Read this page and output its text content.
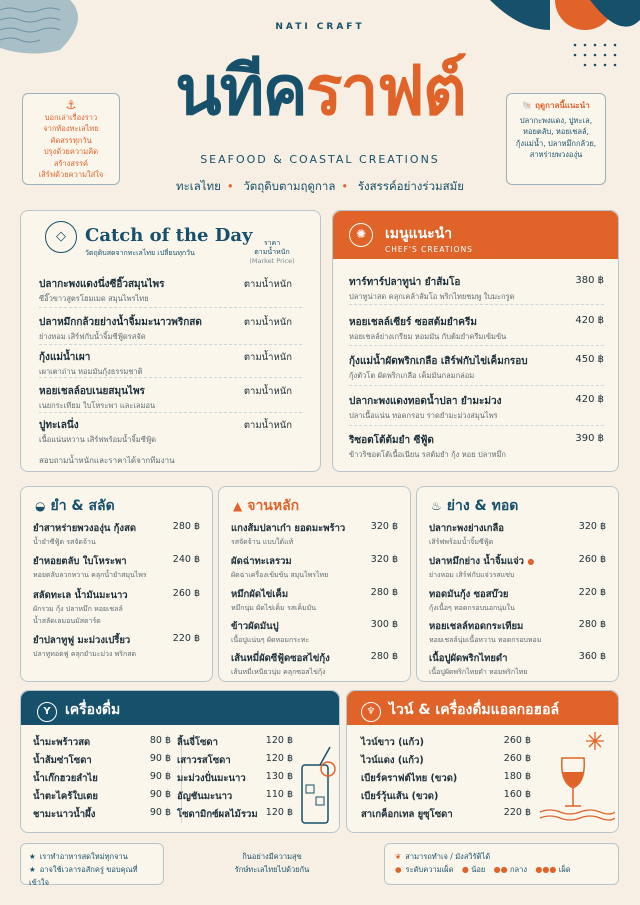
NATI CRAFT
นทีคราฟต์
SEAFOOD & COASTAL CREATIONS
ทะเลไทย • วัตถุดิบตามฤดูกาล • รังสรรค์อย่างร่วมสมัย
⚓
บอกเล่าเรื่องราว
จากท้องทะเลไทย
คัดสรรทุกวัน
ปรุงด้วยความคิดสร้างสรรค์
เสิร์ฟด้วยความใส่ใจ
🐚 ฤดูกาลนี้แนะนำ
ปลากะพงแดง, ปูทะเล,
หอยตลับ, หอยเชลล์,
กุ้งแม่น้ำ, ปลาหมึกกล้วย,
สาหร่ายพวงองุ่น
◇	Catch of the Day
วัตถุดิบสดจากทะเลไทย เปลี่ยนทุกวัน
ราคา
ตามน้ำหนัก
(Market Price)
ปลากะพงแดงนึ่งซีอิ๊วสมุนไพร
ซีอิ๊วขาวสูตรโฮมเมด สมุนไพรไทย
ตามน้ำหนัก
ปลาหมึกกล้วยย่างน้ำจิ้มมะนาวพริกสด
ย่างหอม เสิร์ฟกับน้ำจิ้มซีฟู้ดรสจัด
ตามน้ำหนัก
กุ้งแม่น้ำเผา
เผาเตาถ่าน หอมมันกุ้งธรรมชาติ
ตามน้ำหนัก
หอยเชลล์อบเนยสมุนไพร
เนยกระเทียม ใบโหระพา และเลมอน
ตามน้ำหนัก
ปูทะเลนึ่ง
เนื้อแน่นหวาน เสิร์ฟพร้อมน้ำจิ้มซีฟู้ด
ตามน้ำหนัก
สอบถามน้ำหนักและราคาได้จากทีมงาน
✺	เมนูแนะนำ
CHEF'S CREATIONS
ทาร์ทาร์ปลาทูน่า ยำส้มโอ
ปลาทูน่าสด คลุกเคล้าส้มโอ พริกไทยชมพู ใบมะกรูด
380 ฿
หอยเชลล์เซียร์ ซอสต้มยำครีม
หอยเชลล์ย่างเกรียม หอมมัน กับต้มยำครีมเข้มข้น
420 ฿
กุ้งแม่น้ำผัดพริกเกลือ เสิร์ฟกับไข่เค็มกรอบ
กุ้งตัวโต ผัดพริกเกลือ เค็มมันกลมกล่อม
450 ฿
ปลากะพงแดงทอดน้ำปลา ยำมะม่วง
ปลาเนื้อแน่น ทอดกรอบ ราดยำมะม่วงสมุนไพร
420 ฿
ริซอตโต้ต้มยำ ซีฟู้ด
ข้าวริซอตโต้เนื้อเนียน รสต้มยำ กุ้ง หอย ปลาหมึก
390 ฿
◒ ยำ & สลัด
ยำสาหร่ายพวงองุ่น กุ้งสด
น้ำยำซีฟู้ด รสจัดจ้าน
280 ฿
ยำหอยตลับ ใบโหระพา
หอยตลับลวกหวาน คลุกน้ำยำสมุนไพร
240 ฿
สลัดทะเล น้ำมันมะนาว
ผักรวม กุ้ง ปลาหมึก หอยเชลล์
น้ำสลัดเลมอนมัสตาร์ด
260 ฿
ยำปลาทูฟู มะม่วงเปรี้ยว
ปลาทูทอดฟู คลุกยำมะม่วง พริกสด
220 ฿
▲ จานหลัก
แกงส้มปลาเก๋า ยอดมะพร้าว
รสจัดจ้าน แบบใต้แท้
320 ฿
ผัดฉ่าทะเลรวม
ผัดฉ่าเครื่องเข้มข้น สมุนไพรไทย
320 ฿
หมึกผัดไข่เค็ม
หมึกนุ่ม ผัดไข่เค็ม รสเค็มมัน
280 ฿
ข้าวผัดมันปู
เนื้อปูแน่นๆ ผัดหอมกระทะ
300 ฿
เส้นหมี่ผัดซีฟู้ดซอสไข่กุ้ง
เส้นหมี่เหนียวนุ่ม คลุกซอสไข่กุ้ง
280 ฿
♨ ย่าง & ทอด
ปลากะพงย่างเกลือ
เสิร์ฟพร้อมน้ำจิ้มซีฟู้ด
320 ฿
ปลาหมึกย่าง น้ำจิ้มแจ่ว ●
ย่างหอม เสิร์ฟกับแจ่วรสแซ่บ
260 ฿
ทอดมันกุ้ง ซอสบ๊วย
กุ้งเนื้อๆ ทอดกรอบนอกนุ่มใน
220 ฿
หอยเชลล์ทอดกระเทียม
หอยเชลล์นุ่มเนื้อหวาน ทอดกรอบหอม
280 ฿
เนื้อปูผัดพริกไทยดำ
เนื้อปูผัดพริกไทยดำ หอมพริกไทย
360 ฿
Y เครื่องดื่ม
น้ำมะพร้าวสด	80 ฿
น้ำส้มซ่าโซดา	90 ฿
น้ำเก๊กฮวยลำไย	90 ฿
น้ำตะไคร้ใบเตย	90 ฿
ชามะนาวน้ำผึ้ง	90 ฿
ลิ้นจี่โซดา	120 ฿
เสาวรสโซดา	120 ฿
มะม่วงปั่นมะนาว 130 ฿
อัญชันมะนาว	110 ฿
โซดามิกซ์ผลไม้รวม 120 ฿
♆ ไวน์ & เครื่องดื่มแอลกอฮอล์
ไวน์ขาว (แก้ว)	260 ฿
ไวน์แดง (แก้ว)	260 ฿
เบียร์คราฟต์ไทย (ขวด)	180 ฿
เบียร์วุ้นเส้น (ขวด)	160 ฿
สาเกค็อกเทล ยูซุโซดา	220 ฿
★ เราทำอาหารสดใหม่ทุกจาน
★ อาจใช้เวลารอสักครู่ ขอบคุณที่เข้าใจ
กินอย่างมีความสุข
รักษ์ทะเลไทยไปด้วยกัน
❦ สามารถทำเจ / มังสวิรัติได้
● ระดับความเผ็ด ● น้อย ●● กลาง ●●● เผ็ด
